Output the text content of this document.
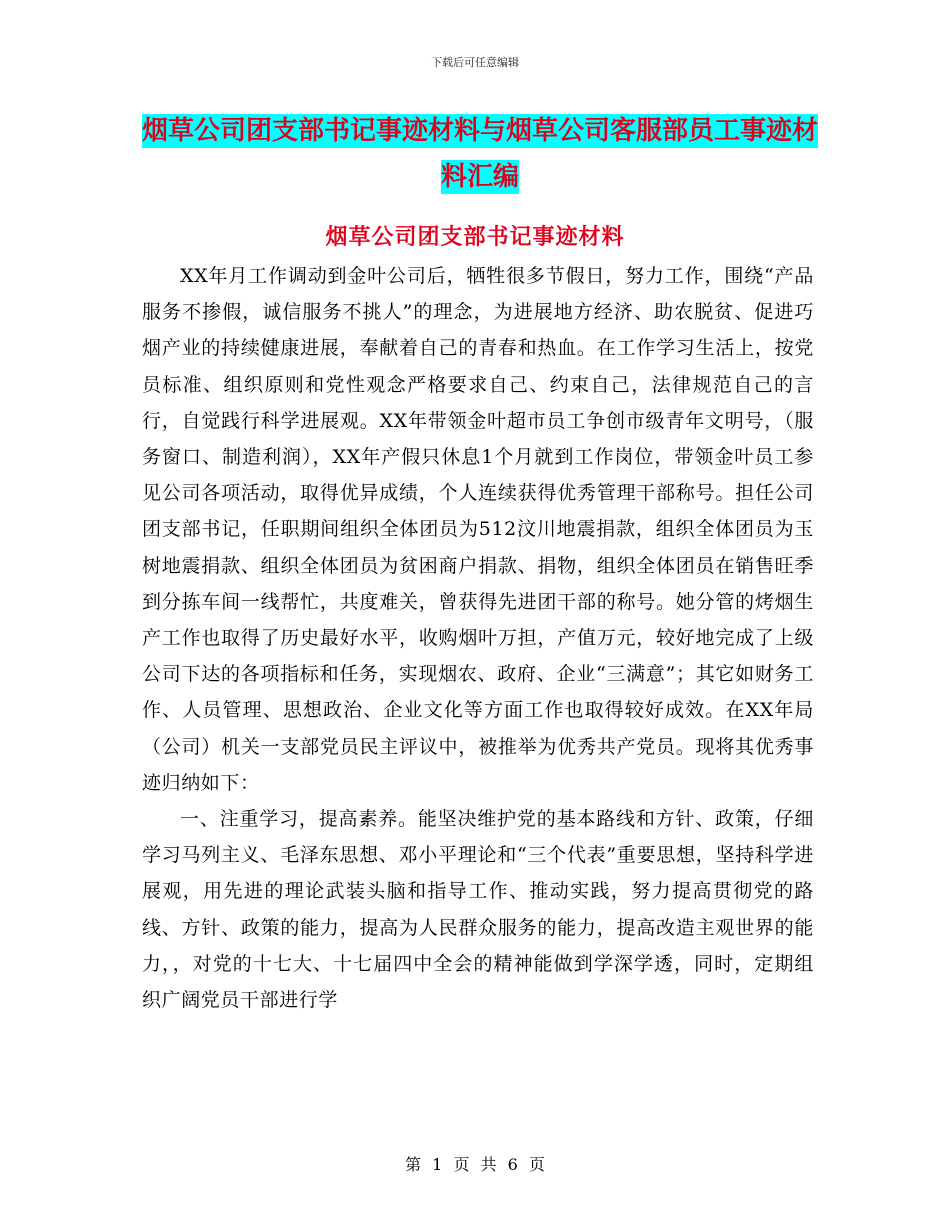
下载后可任意编辑
烟草公司团支部书记事迹材料与烟草公司客服部员工事迹材料汇编
烟草公司团支部书记事迹材料

XX年月工作调动到金叶公司后，牺牲很多节假日，努力工作，围绕“产品服务不掺假，诚信服务不挑人”的理念，为进展地方经济、助农脱贫、促进巧烟产业的持续健康进展，奉献着自己的青春和热血。在工作学习生活上，按党员标准、组织原则和党性观念严格要求自己、约束自己，法律规范自己的言行，自觉践行科学进展观。XX年带领金叶超市员工争创市级青年文明号，（服务窗口、制造利润），XX年产假只休息1个月就到工作岗位，带领金叶员工参见公司各项活动，取得优异成绩，个人连续获得优秀管理干部称号。担任公司团支部书记，任职期间组织全体团员为512汶川地震捐款，组织全体团员为玉树地震捐款、组织全体团员为贫困商户捐款、捐物，组织全体团员在销售旺季到分拣车间一线帮忙，共度难关，曾获得先进团干部的称号。她分管的烤烟生产工作也取得了历史最好水平，收购烟叶万担，产值万元，较好地完成了上级公司下达的各项指标和任务，实现烟农、政府、企业“三满意”；其它如财务工作、人员管理、思想政治、企业文化等方面工作也取得较好成效。在XX年局（公司）机关一支部党员民主评议中，被推举为优秀共产党员。现将其优秀事迹归纳如下：

一、注重学习，提高素养。能坚决维护党的基本路线和方针、政策，仔细学习马列主义、毛泽东思想、邓小平理论和“三个代表”重要思想，坚持科学进展观，用先进的理论武装头脑和指导工作、推动实践，努力提高贯彻党的路线、方针、政策的能力，提高为人民群众服务的能力，提高改造主观世界的能力，，对党的十七大、十七届四中全会的精神能做到学深学透，同时，定期组织广阔党员干部进行学

第 1 页 共 6 页
